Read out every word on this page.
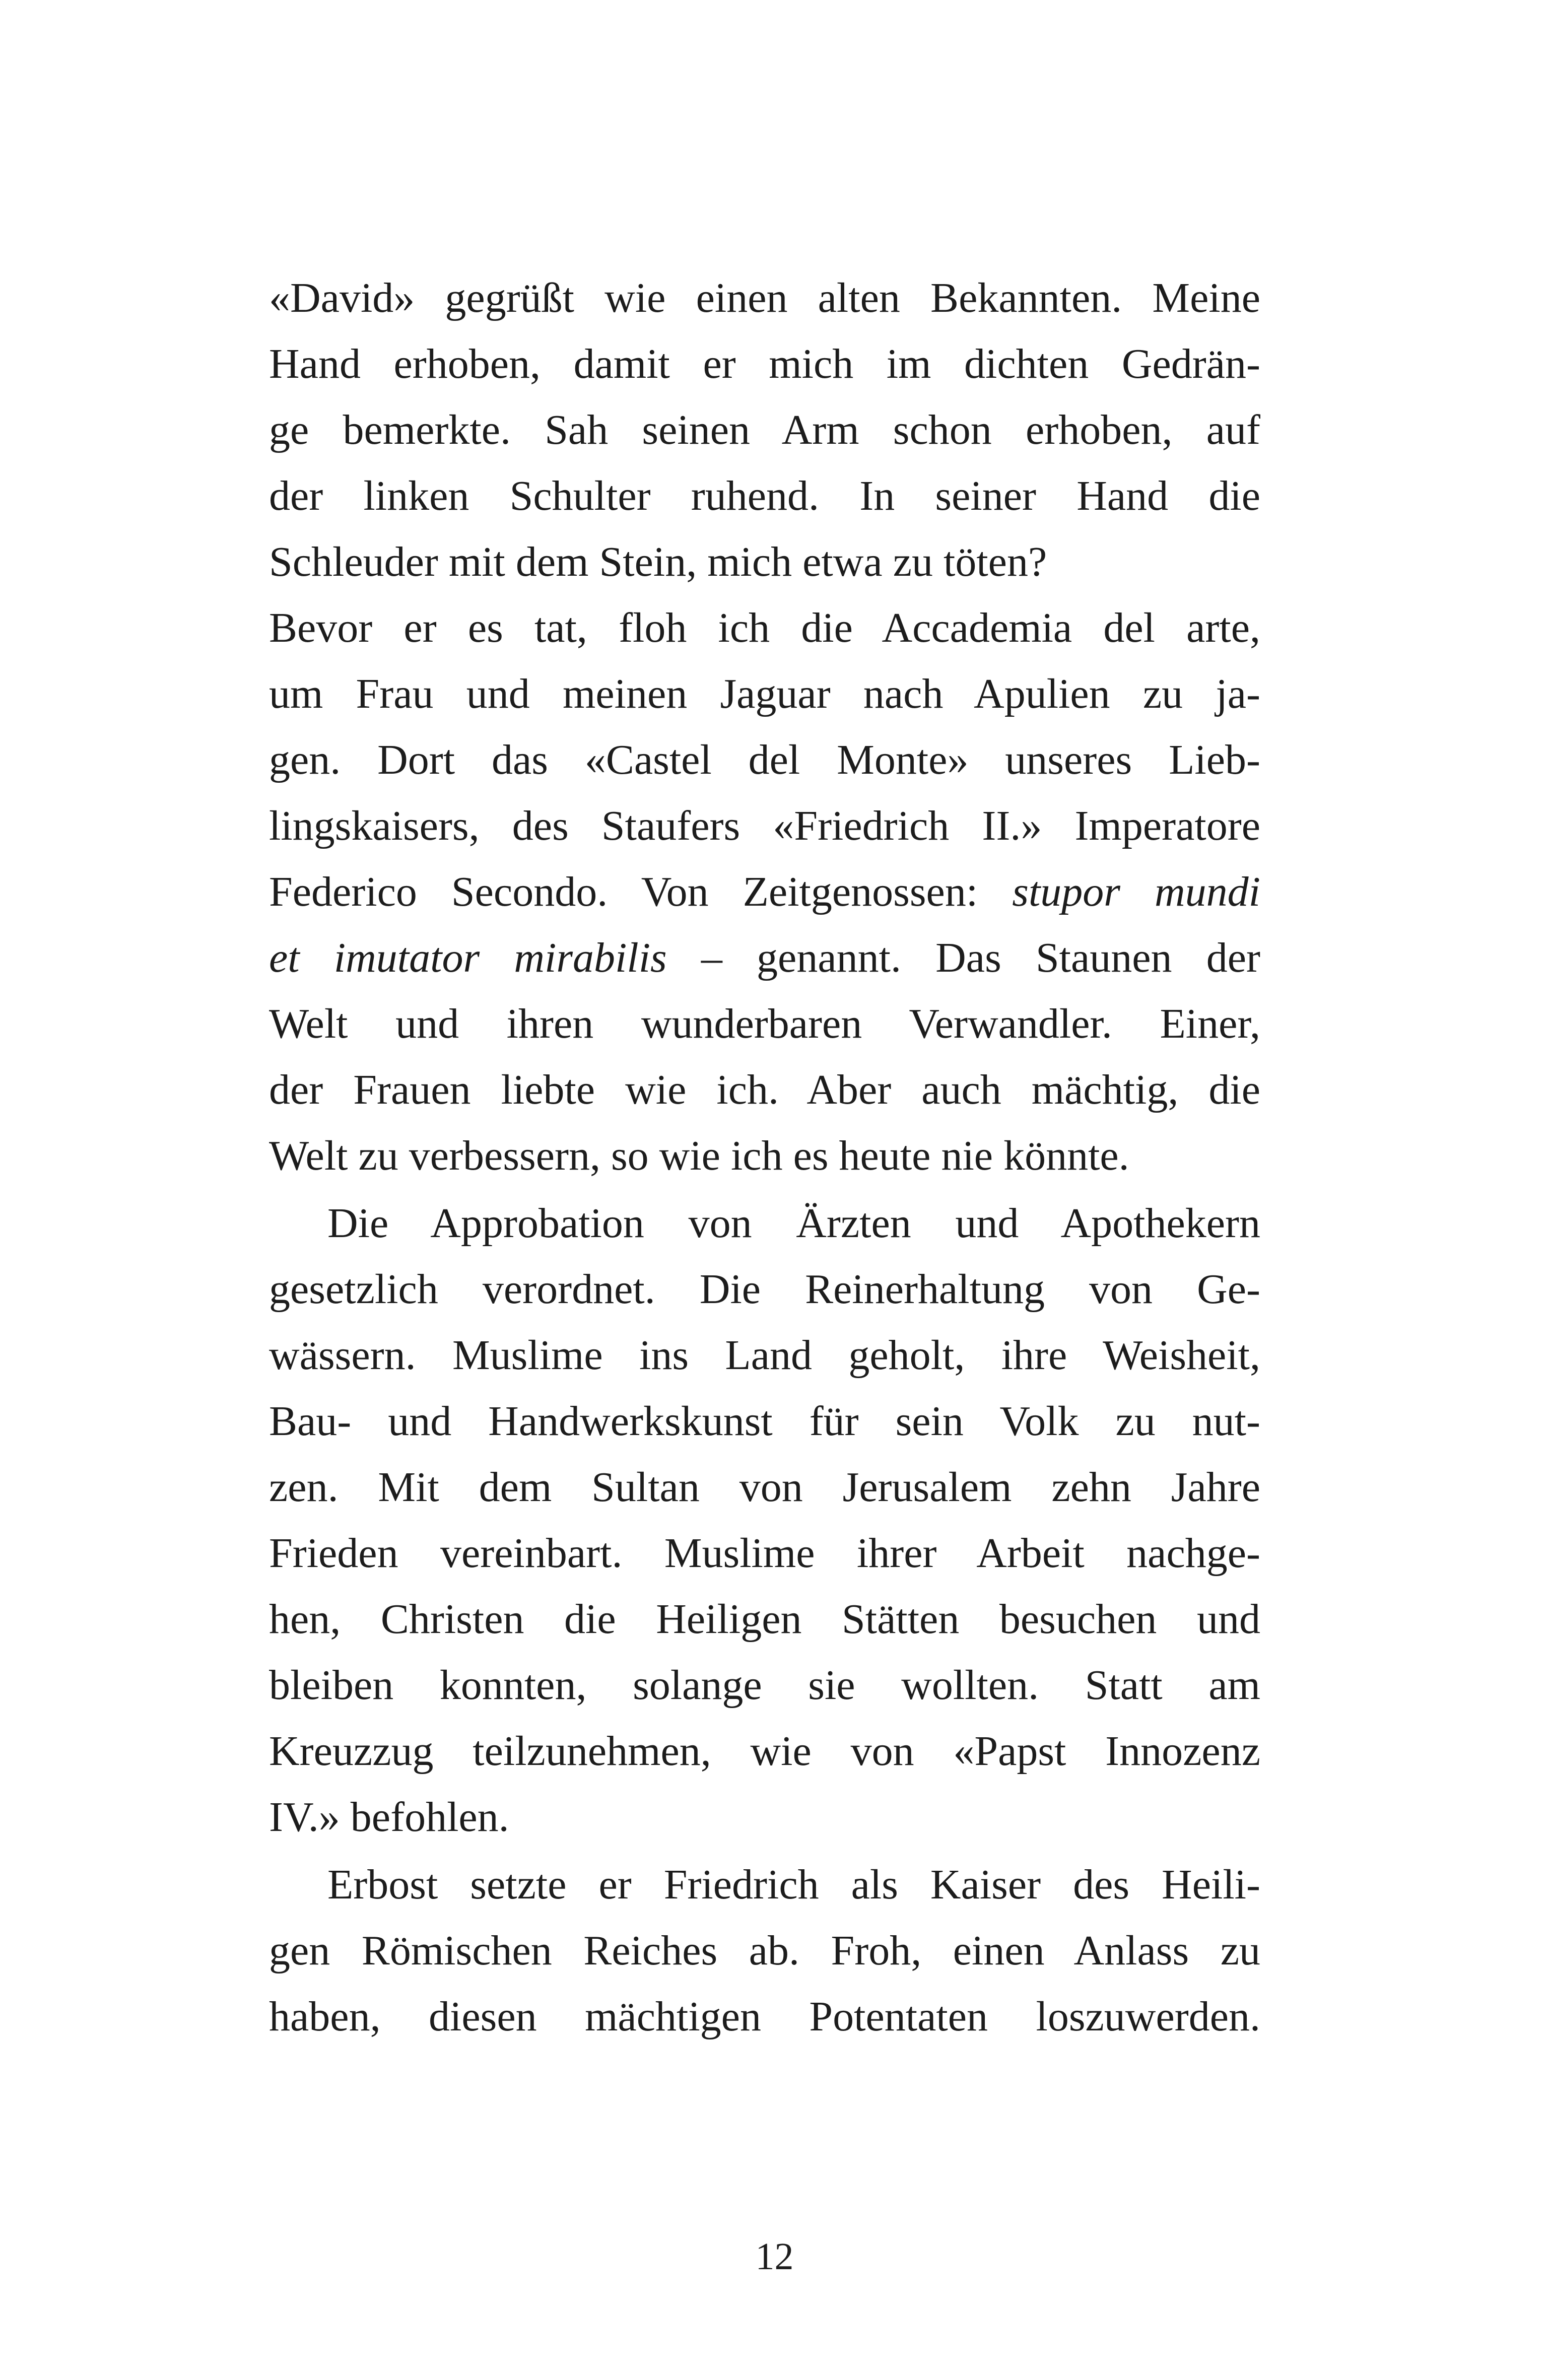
«David» gegrüßt wie einen alten Bekannten. Meine
Hand erhoben, damit er mich im dichten Gedrän-
ge bemerkte. Sah seinen Arm schon erhoben, auf
der linken Schulter ruhend. In seiner Hand die
Schleuder mit dem Stein, mich etwa zu töten?
Bevor er es tat, floh ich die Accademia del arte,
um Frau und meinen Jaguar nach Apulien zu ja-
gen. Dort das «Castel del Monte» unseres Lieb-
lingskaisers, des Staufers «Friedrich II.» Imperatore
Federico Secondo. Von Zeitgenossen: stupor mundi
et imutator mirabilis – genannt. Das Staunen der
Welt und ihren wunderbaren Verwandler. Einer,
der Frauen liebte wie ich. Aber auch mächtig, die
Welt zu verbessern, so wie ich es heute nie könnte.
Die Approbation von Ärzten und Apothekern
gesetzlich verordnet. Die Reinerhaltung von Ge-
wässern. Muslime ins Land geholt, ihre Weisheit,
Bau- und Handwerkskunst für sein Volk zu nut-
zen. Mit dem Sultan von Jerusalem zehn Jahre
Frieden vereinbart. Muslime ihrer Arbeit nachge-
hen, Christen die Heiligen Stätten besuchen und
bleiben konnten, solange sie wollten. Statt am
Kreuzzug teilzunehmen, wie von «Papst Innozenz
IV.» befohlen.
Erbost setzte er Friedrich als Kaiser des Heili-
gen Römischen Reiches ab. Froh, einen Anlass zu
haben, diesen mächtigen Potentaten loszuwerden.
12
